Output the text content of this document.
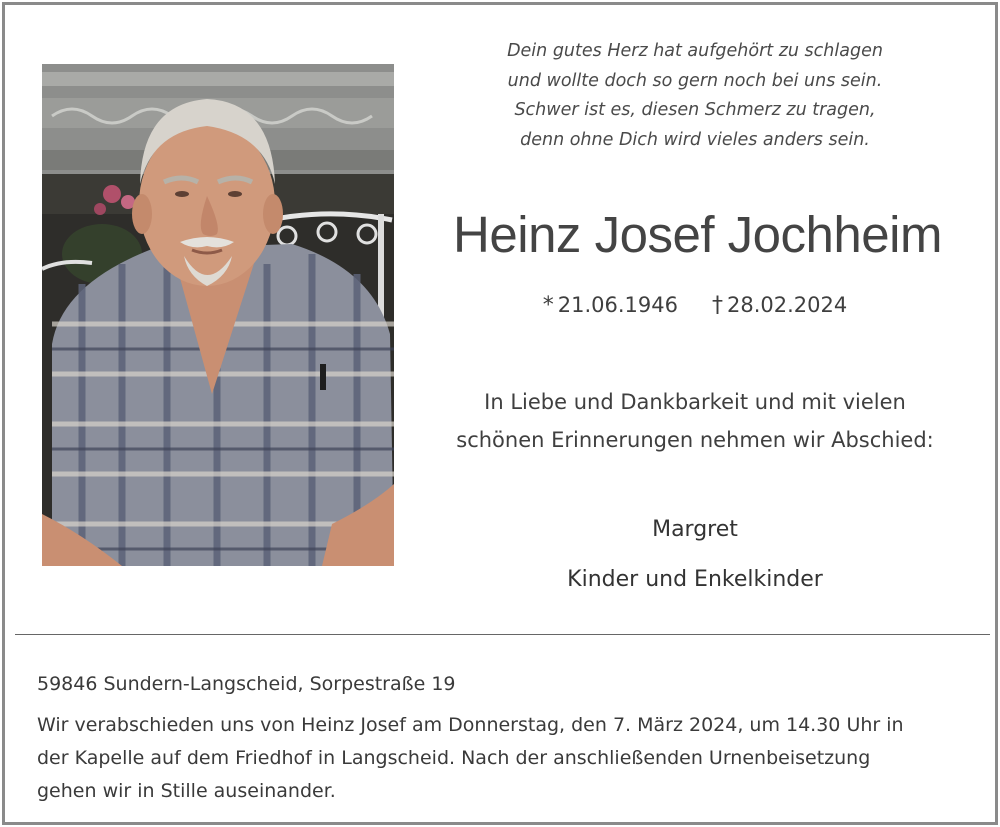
Dein gutes Herz hat aufgehört zu schlagen
und wollte doch so gern noch bei uns sein.
Schwer ist es, diesen Schmerz zu tragen,
denn ohne Dich wird vieles anders sein.
Heinz Josef Jochheim
* 21.06.1946 † 28.02.2024
In Liebe und Dankbarkeit und mit vielen
schönen Erinnerungen nehmen wir Abschied:
Margret
Kinder und Enkelkinder
59846 Sundern-Langscheid, Sorpestraße 19
Wir verabschieden uns von Heinz Josef am Donnerstag, den 7. März 2024, um 14.30 Uhr in
der Kapelle auf dem Friedhof in Langscheid. Nach der anschließenden Urnenbeisetzung
gehen wir in Stille auseinander.
